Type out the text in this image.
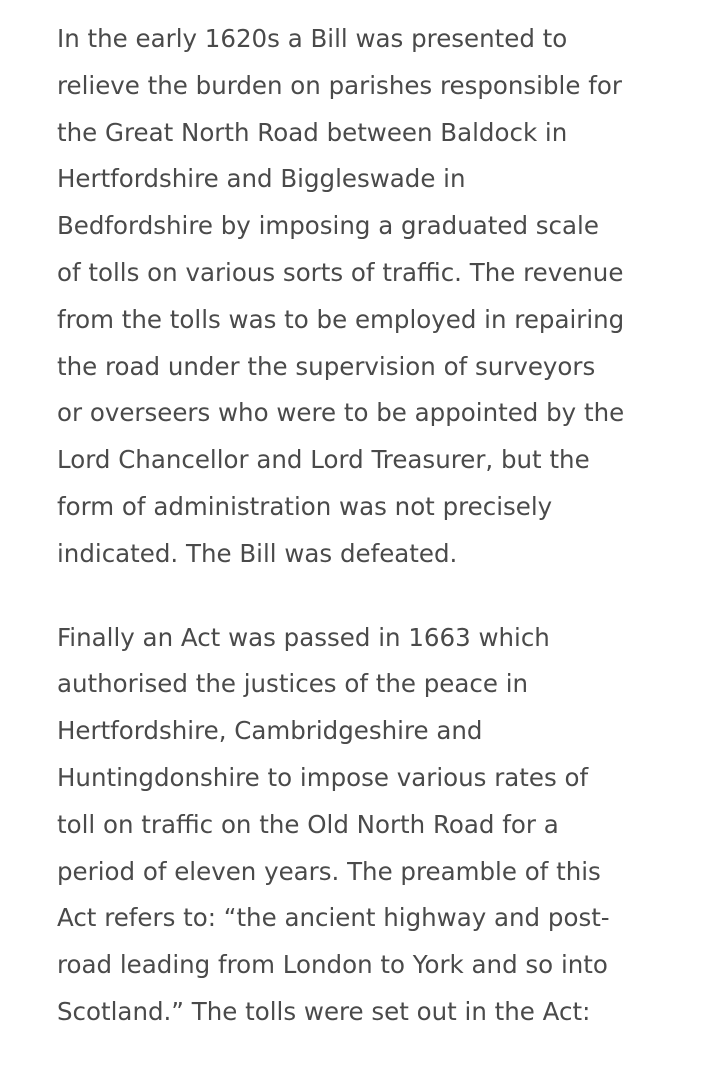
In the early 1620s a Bill was presented to
relieve the burden on parishes responsible for
the Great North Road between Baldock in
Hertfordshire and Biggleswade in
Bedfordshire by imposing a graduated scale
of tolls on various sorts of traffic. The revenue
from the tolls was to be employed in repairing
the road under the supervision of surveyors
or overseers who were to be appointed by the
Lord Chancellor and Lord Treasurer, but the
form of administration was not precisely
indicated. The Bill was defeated.

Finally an Act was passed in 1663 which
authorised the justices of the peace in
Hertfordshire, Cambridgeshire and
Huntingdonshire to impose various rates of
toll on traffic on the Old North Road for a
period of eleven years. The preamble of this
Act refers to: “the ancient highway and post-
road leading from London to York and so into
Scotland.” The tolls were set out in the Act:
